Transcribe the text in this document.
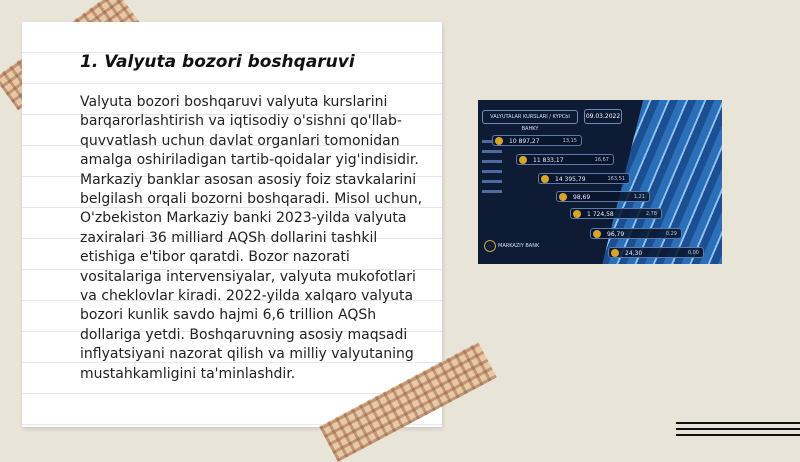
1. Valyuta bozori boshqaruvi

Valyuta bozori boshqaruvi valyuta kurslarini barqarorlashtirish va iqtisodiy o'sishni qo'llab-quvvatlash uchun davlat organlari tomonidan amalga oshiriladigan tartib-qoidalar yig'indisidir. Markaziy banklar asosan asosiy foiz stavkalarini belgilash orqali bozorni boshqaradi. Misol uchun, O'zbekiston Markaziy banki 2023-yilda valyuta zaxiralari 36 milliard AQSh dollarini tashkil etishiga e'tibor qaratdi. Bozor nazorati vositalariga intervensiyalar, valyuta mukofotlari va cheklovlar kiradi. 2022-yilda xalqaro valyuta bozori kunlik savdo hajmi 6,6 trillion AQSh dollariga yetdi. Boshqaruvning asosiy maqsadi inflyatsiyani nazorat qilish va milliy valyutaning mustahkamligini ta'minlashdir.

VALYUTALAR KURSLARI / KYPCbI BAHKY
09.03.2022
10 897,27	13,15
11 833,17	16,67
14 395,79	163,51
98,69	1,21
1 724,58	2,78
96,79	0,29
24,30	0,00
MARKAZIY BANK
